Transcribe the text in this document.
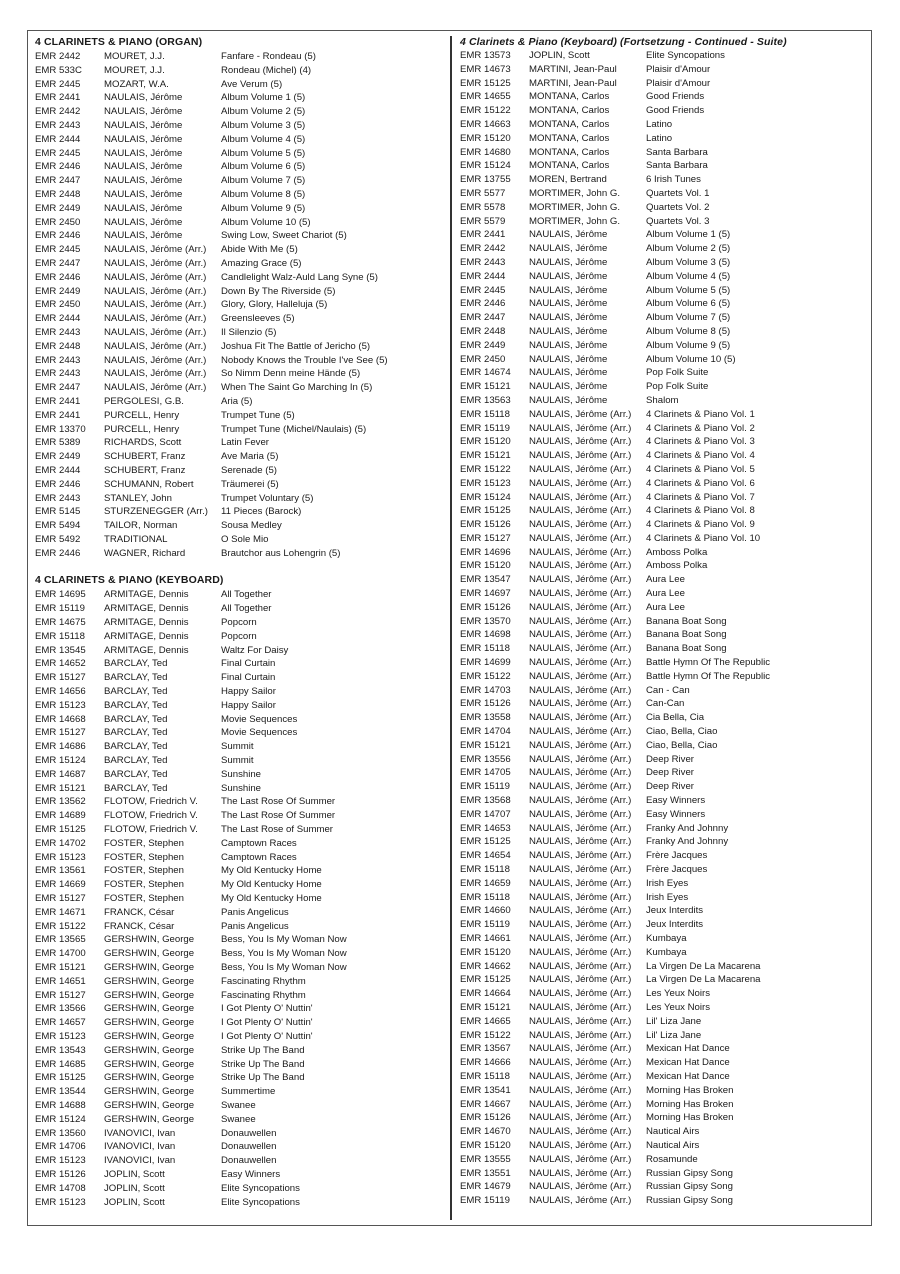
4 CLARINETS & PIANO (ORGAN)
EMR 2442 MOURET, J.J.	Fanfare - Rondeau (5)
EMR 533C MOURET, J.J.	Rondeau (Michel) (4)
EMR 2445 MOZART, W.A.	Ave Verum (5)
EMR 2441 NAULAIS, Jérôme	Album Volume 1 (5)
EMR 2442 NAULAIS, Jérôme	Album Volume 2 (5)
EMR 2443 NAULAIS, Jérôme	Album Volume 3 (5)
EMR 2444 NAULAIS, Jérôme	Album Volume 4 (5)
EMR 2445 NAULAIS, Jérôme	Album Volume 5 (5)
EMR 2446 NAULAIS, Jérôme	Album Volume 6 (5)
EMR 2447 NAULAIS, Jérôme	Album Volume 7 (5)
EMR 2448 NAULAIS, Jérôme	Album Volume 8 (5)
EMR 2449 NAULAIS, Jérôme	Album Volume 9 (5)
EMR 2450 NAULAIS, Jérôme	Album Volume 10 (5)
EMR 2446 NAULAIS, Jérôme	Swing Low, Sweet Chariot (5)
EMR 2445 NAULAIS, Jérôme (Arr.) Abide With Me (5)
EMR 2447 NAULAIS, Jérôme (Arr.) Amazing Grace (5)
EMR 2446 NAULAIS, Jérôme (Arr.) Candlelight Walz-Auld Lang Syne (5)
EMR 2449 NAULAIS, Jérôme (Arr.) Down By The Riverside (5)
EMR 2450 NAULAIS, Jérôme (Arr.) Glory, Glory, Halleluja (5)
EMR 2444 NAULAIS, Jérôme (Arr.) Greensleeves (5)
EMR 2443 NAULAIS, Jérôme (Arr.) Il Silenzio (5)
EMR 2448 NAULAIS, Jérôme (Arr.) Joshua Fit The Battle of Jericho (5)
EMR 2443 NAULAIS, Jérôme (Arr.) Nobody Knows the Trouble I've See (5)
EMR 2443 NAULAIS, Jérôme (Arr.) So Nimm Denn meine Hände (5)
EMR 2447 NAULAIS, Jérôme (Arr.) When The Saint Go Marching In (5)
EMR 2441 PERGOLESI, G.B.	Aria (5)
EMR 2441 PURCELL, Henry	Trumpet Tune (5)
EMR 13370 PURCELL, Henry	Trumpet Tune (Michel/Naulais) (5)
EMR 5389 RICHARDS, Scott	Latin Fever
EMR 2449 SCHUBERT, Franz	Ave Maria (5)
EMR 2444 SCHUBERT, Franz	Serenade (5)
EMR 2446 SCHUMANN, Robert	Träumerei (5)
EMR 2443 STANLEY, John	Trumpet Voluntary (5)
EMR 5145 STURZENEGGER (Arr.) 11 Pieces (Barock)
EMR 5494 TAILOR, Norman	Sousa Medley
EMR 5492 TRADITIONAL	O Sole Mio
EMR 2446 WAGNER, Richard	Brautchor aus Lohengrin (5)
4 CLARINETS & PIANO (KEYBOARD)
EMR 14695 ARMITAGE, Dennis	All Together
EMR 15119 ARMITAGE, Dennis	All Together
EMR 14675 ARMITAGE, Dennis	Popcorn
EMR 15118 ARMITAGE, Dennis	Popcorn
EMR 13545 ARMITAGE, Dennis	Waltz For Daisy
EMR 14652 BARCLAY, Ted	Final Curtain
EMR 15127 BARCLAY, Ted	Final Curtain
EMR 14656 BARCLAY, Ted	Happy Sailor
EMR 15123 BARCLAY, Ted	Happy Sailor
EMR 14668 BARCLAY, Ted	Movie Sequences
EMR 15127 BARCLAY, Ted	Movie Sequences
EMR 14686 BARCLAY, Ted	Summit
EMR 15124 BARCLAY, Ted	Summit
EMR 14687 BARCLAY, Ted	Sunshine
EMR 15121 BARCLAY, Ted	Sunshine
EMR 13562 FLOTOW, Friedrich V. The Last Rose Of Summer
EMR 14689 FLOTOW, Friedrich V. The Last Rose Of Summer
EMR 15125 FLOTOW, Friedrich V. The Last Rose of Summer
EMR 14702 FOSTER, Stephen	Camptown Races
EMR 15123 FOSTER, Stephen	Camptown Races
EMR 13561 FOSTER, Stephen	My Old Kentucky Home
EMR 14669 FOSTER, Stephen	My Old Kentucky Home
EMR 15127 FOSTER, Stephen	My Old Kentucky Home
EMR 14671 FRANCK, César	Panis Angelicus
EMR 15122 FRANCK, César	Panis Angelicus
EMR 13565 GERSHWIN, George	Bess, You Is My Woman Now
EMR 14700 GERSHWIN, George	Bess, You Is My Woman Now
EMR 15121 GERSHWIN, George	Bess, You Is My Woman Now
EMR 14651 GERSHWIN, George	Fascinating Rhythm
EMR 15127 GERSHWIN, George	Fascinating Rhythm
EMR 13566 GERSHWIN, George	I Got Plenty O' Nuttin'
EMR 14657 GERSHWIN, George	I Got Plenty O' Nuttin'
EMR 15123 GERSHWIN, George	I Got Plenty O' Nuttin'
EMR 13543 GERSHWIN, George	Strike Up The Band
EMR 14685 GERSHWIN, George	Strike Up The Band
EMR 15125 GERSHWIN, George	Strike Up The Band
EMR 13544 GERSHWIN, George	Summertime
EMR 14688 GERSHWIN, George	Swanee
EMR 15124 GERSHWIN, George	Swanee
EMR 13560 IVANOVICI, Ivan	Donauwellen
EMR 14706 IVANOVICI, Ivan	Donauwellen
EMR 15123 IVANOVICI, Ivan	Donauwellen
EMR 15126 JOPLIN, Scott	Easy Winners
EMR 14708 JOPLIN, Scott	Elite Syncopations
EMR 15123 JOPLIN, Scott	Elite Syncopations
4 Clarinets & Piano (Keyboard) (Fortsetzung - Continued - Suite)
EMR 13573 JOPLIN, Scott	Elite Syncopations
EMR 14673 MARTINI, Jean-Paul	Plaisir d'Amour
EMR 15125 MARTINI, Jean-Paul	Plaisir d'Amour
EMR 14655 MONTANA, Carlos	Good Friends
EMR 15122 MONTANA, Carlos	Good Friends
EMR 14663 MONTANA, Carlos	Latino
EMR 15120 MONTANA, Carlos	Latino
EMR 14680 MONTANA, Carlos	Santa Barbara
EMR 15124 MONTANA, Carlos	Santa Barbara
EMR 13755 MOREN, Bertrand	6 Irish Tunes
EMR 5577 MORTIMER, John G.	Quartets Vol. 1
EMR 5578 MORTIMER, John G.	Quartets Vol. 2
EMR 5579 MORTIMER, John G.	Quartets Vol. 3
EMR 2441 NAULAIS, Jérôme	Album Volume 1 (5)
EMR 2442 NAULAIS, Jérôme	Album Volume 2 (5)
EMR 2443 NAULAIS, Jérôme	Album Volume 3 (5)
EMR 2444 NAULAIS, Jérôme	Album Volume 4 (5)
EMR 2445 NAULAIS, Jérôme	Album Volume 5 (5)
EMR 2446 NAULAIS, Jérôme	Album Volume 6 (5)
EMR 2447 NAULAIS, Jérôme	Album Volume 7 (5)
EMR 2448 NAULAIS, Jérôme	Album Volume 8 (5)
EMR 2449 NAULAIS, Jérôme	Album Volume 9 (5)
EMR 2450 NAULAIS, Jérôme	Album Volume 10 (5)
EMR 14674 NAULAIS, Jérôme	Pop Folk Suite
EMR 15121 NAULAIS, Jérôme	Pop Folk Suite
EMR 13563 NAULAIS, Jérôme	Shalom
EMR 15118 NAULAIS, Jérôme (Arr.) 4 Clarinets & Piano Vol. 1
EMR 15119 NAULAIS, Jérôme (Arr.) 4 Clarinets & Piano Vol. 2
EMR 15120 NAULAIS, Jérôme (Arr.) 4 Clarinets & Piano Vol. 3
EMR 15121 NAULAIS, Jérôme (Arr.) 4 Clarinets & Piano Vol. 4
EMR 15122 NAULAIS, Jérôme (Arr.) 4 Clarinets & Piano Vol. 5
EMR 15123 NAULAIS, Jérôme (Arr.) 4 Clarinets & Piano Vol. 6
EMR 15124 NAULAIS, Jérôme (Arr.) 4 Clarinets & Piano Vol. 7
EMR 15125 NAULAIS, Jérôme (Arr.) 4 Clarinets & Piano Vol. 8
EMR 15126 NAULAIS, Jérôme (Arr.) 4 Clarinets & Piano Vol. 9
EMR 15127 NAULAIS, Jérôme (Arr.) 4 Clarinets & Piano Vol. 10
EMR 14696 NAULAIS, Jérôme (Arr.) Amboss Polka
EMR 15120 NAULAIS, Jérôme (Arr.) Amboss Polka
EMR 13547 NAULAIS, Jérôme (Arr.) Aura Lee
EMR 14697 NAULAIS, Jérôme (Arr.) Aura Lee
EMR 15126 NAULAIS, Jérôme (Arr.) Aura Lee
EMR 13570 NAULAIS, Jérôme (Arr.) Banana Boat Song
EMR 14698 NAULAIS, Jérôme (Arr.) Banana Boat Song
EMR 15118 NAULAIS, Jérôme (Arr.) Banana Boat Song
EMR 14699 NAULAIS, Jérôme (Arr.) Battle Hymn Of The Republic
EMR 15122 NAULAIS, Jérôme (Arr.) Battle Hymn Of The Republic
EMR 14703 NAULAIS, Jérôme (Arr.) Can - Can
EMR 15126 NAULAIS, Jérôme (Arr.) Can-Can
EMR 13558 NAULAIS, Jérôme (Arr.) Cia Bella, Cia
EMR 14704 NAULAIS, Jérôme (Arr.) Ciao, Bella, Ciao
EMR 15121 NAULAIS, Jérôme (Arr.) Ciao, Bella, Ciao
EMR 13556 NAULAIS, Jérôme (Arr.) Deep River
EMR 14705 NAULAIS, Jérôme (Arr.) Deep River
EMR 15119 NAULAIS, Jérôme (Arr.) Deep River
EMR 13568 NAULAIS, Jérôme (Arr.) Easy Winners
EMR 14707 NAULAIS, Jérôme (Arr.) Easy Winners
EMR 14653 NAULAIS, Jérôme (Arr.) Franky And Johnny
EMR 15125 NAULAIS, Jérôme (Arr.) Franky And Johnny
EMR 14654 NAULAIS, Jérôme (Arr.) Frère Jacques
EMR 15118 NAULAIS, Jérôme (Arr.) Frère Jacques
EMR 14659 NAULAIS, Jérôme (Arr.) Irish Eyes
EMR 15118 NAULAIS, Jérôme (Arr.) Irish Eyes
EMR 14660 NAULAIS, Jérôme (Arr.) Jeux Interdits
EMR 15119 NAULAIS, Jérôme (Arr.) Jeux Interdits
EMR 14661 NAULAIS, Jérôme (Arr.) Kumbaya
EMR 15120 NAULAIS, Jérôme (Arr.) Kumbaya
EMR 14662 NAULAIS, Jérôme (Arr.) La Virgen De La Macarena
EMR 15125 NAULAIS, Jérôme (Arr.) La Virgen De La Macarena
EMR 14664 NAULAIS, Jérôme (Arr.) Les Yeux Noirs
EMR 15121 NAULAIS, Jérôme (Arr.) Les Yeux Noirs
EMR 14665 NAULAIS, Jérôme (Arr.) Lil' Liza Jane
EMR 15122 NAULAIS, Jérôme (Arr.) Lil' Liza Jane
EMR 13567 NAULAIS, Jérôme (Arr.) Mexican Hat Dance
EMR 14666 NAULAIS, Jérôme (Arr.) Mexican Hat Dance
EMR 15118 NAULAIS, Jérôme (Arr.) Mexican Hat Dance
EMR 13541 NAULAIS, Jérôme (Arr.) Morning Has Broken
EMR 14667 NAULAIS, Jérôme (Arr.) Morning Has Broken
EMR 15126 NAULAIS, Jérôme (Arr.) Morning Has Broken
EMR 14670 NAULAIS, Jérôme (Arr.) Nautical Airs
EMR 15120 NAULAIS, Jérôme (Arr.) Nautical Airs
EMR 13555 NAULAIS, Jérôme (Arr.) Rosamunde
EMR 13551 NAULAIS, Jérôme (Arr.) Russian Gipsy Song
EMR 14679 NAULAIS, Jérôme (Arr.) Russian Gipsy Song
EMR 15119 NAULAIS, Jérôme (Arr.) Russian Gipsy Song
